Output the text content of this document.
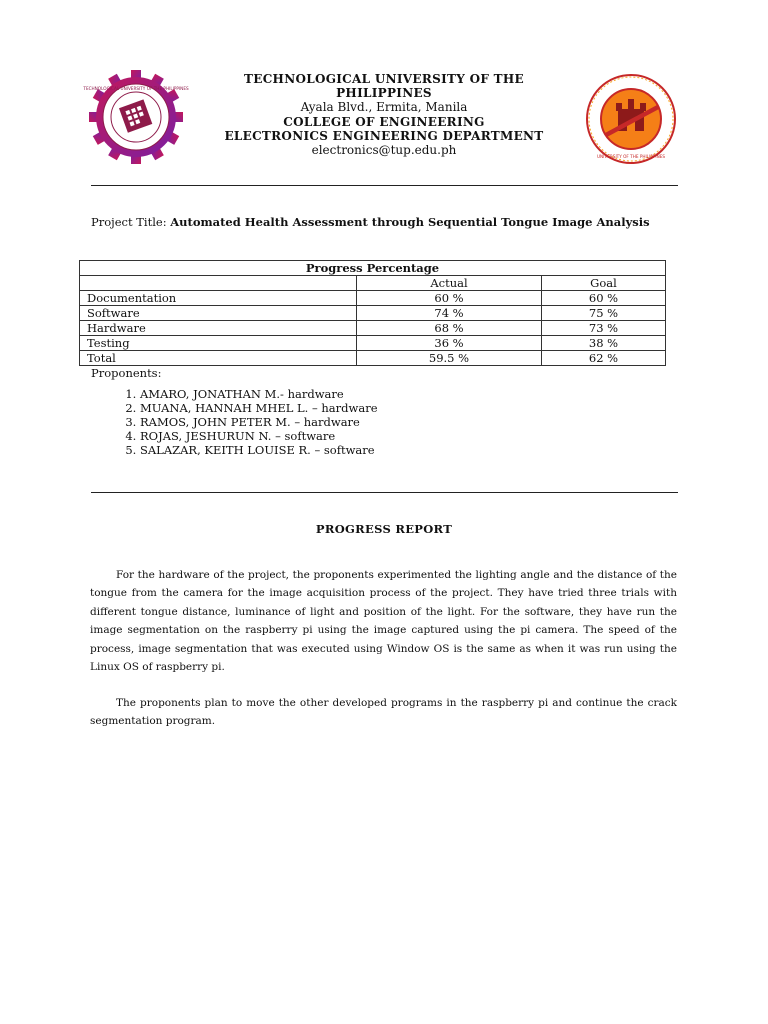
TECHNOLOGICAL UNIVERSITY OF THE PHILIPPINES
UNIVERSITY OF THE PHILIPPINES
TECHNOLOGICAL UNIVERSITY OF THE PHILIPPINES
Ayala Blvd., Ermita, Manila
COLLEGE OF ENGINEERING
ELECTRONICS ENGINEERING DEPARTMENT
electronics@tup.edu.ph
Project Title: Automated Health Assessment through Sequential Tongue Image Analysis
Progress Percentage		
	Actual	Goal
Documentation	60 %	60 %
Software	74 %	75 %
Hardware	68 %	73 %
Testing	36 %	38 %
Total	59.5 %	62 %
Proponents:
1. AMARO, JONATHAN M.- hardware
2. MUANA, HANNAH MHEL L. – hardware
3. RAMOS, JOHN PETER M. – hardware
4. ROJAS, JESHURUN N. – software
5. SALAZAR, KEITH LOUISE R. – software
PROGRESS REPORT
For the hardware of the project, the proponents experimented the lighting angle and the distance of the tongue from the camera for the image acquisition process of the project. They have tried three trials with different tongue distance, luminance of light and position of the light. For the software, they have run the image segmentation on the raspberry pi using the image captured using the pi camera. The speed of the process, image segmentation that was executed using Window OS is the same as when it was run using the Linux OS of raspberry pi.
The proponents plan to move the other developed programs in the raspberry pi and continue the crack segmentation program.
